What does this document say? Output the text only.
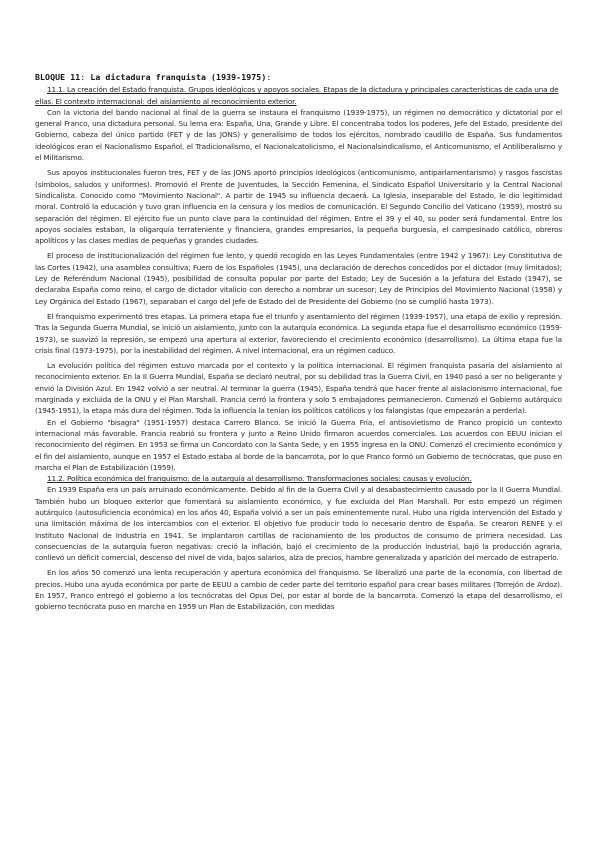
BLOQUE 11: La dictadura franquista (1939-1975):

11.1. La creación del Estado franquista. Grupos ideológicos y apoyos sociales. Etapas de la dictadura y principales características de cada una de ellas. El contexto internacional: del aislamiento al reconocimiento exterior.

Con la victoria del bando nacional al final de la guerra se instaura el franquismo (1939-1975), un régimen no democrático y dictatorial por el general Franco, una dictadura personal. Su lema era: España, Una, Grande y Libre. El concentraba todos los poderes, Jefe del Estado, presidente del Gobierno, cabeza del único partido (FET y de las JONS) y generalísimo de todos los ejércitos, nombrado caudillo de España. Sus fundamentos ideológicos eran el Nacionalismo Español, el Tradicionalismo, el Nacionalcatolicismo, el Nacionalsindicalismo, el Anticomunismo, el Antiliberalismo y el Militarismo.

Sus apoyos institucionales fueron tres, FET y de las JONS aportó principios ideológicos (anticomunismo, antiparlamentarismo) y rasgos fascistas (símbolos, saludos y uniformes). Promovió el Frente de Juventudes, la Sección Femenina, el Sindicato Español Universitario y la Central Nacional Sindicalista. Conocido como "Movimiento Nacional". A partir de 1945 su influencia decaerá. La Iglesia, inseparable del Estado, le dio legitimidad moral. Controló la educación y tuvo gran influencia en la censura y los medios de comunicación. El Segundo Concilio del Vaticano (1959), mostró su separación del régimen. El ejército fue un punto clave para la continuidad del régimen. Entre el 39 y el 40, su poder será fundamental. Entre los apoyos sociales estaban, la oligarquía terrateniente y financiera, grandes empresarios, la pequeña burguesía, el campesinado católico, obreros apolíticos y las clases medias de pequeñas y grandes ciudades.

El proceso de institucionalización del régimen fue lento, y quedó recogido en las Leyes Fundamentales (entre 1942 y 1967): Ley Constitutiva de las Cortes (1942), una asamblea consultiva; Fuero de los Españoles (1945), una declaración de derechos concedidos por el dictador (muy limitados); Ley de Referéndum Nacional (1945), posibilidad de consulta popular por parte del Estado; Ley de Sucesión a la Jefatura del Estado (1947), se declaraba España como reino, el cargo de dictador vitalicio con derecho a nombrar un sucesor; Ley de Principios del Movimiento Nacional (1958) y Ley Orgánica del Estado (1967), separaban el cargo del Jefe de Estado del de Presidente del Gobierno (no se cumplió hasta 1973).

El franquismo experimentó tres etapas. La primera etapa fue el triunfo y asentamiento del régimen (1939-1957), una etapa de exilio y represión. Tras la Segunda Guerra Mundial, se inició un aislamiento, junto con la autarquía económica. La segunda etapa fue el desarrollismo económico (1959-1973), se suavizó la represión, se empezó una apertura al exterior, favoreciendo el crecimiento económico (desarrollismo). La última etapa fue la crisis final (1973-1975), por la inestabilidad del régimen. A nivel internacional, era un régimen caduco.

La evolución política del régimen estuvo marcada por el contexto y la política internacional. El régimen franquista pasaría del aislamiento al reconocimiento exterior. En la II Guerra Mundial, España se declaró neutral, por su debilidad tras la Guerra Civil, en 1940 pasó a ser no beligerante y envió la División Azul. En 1942 volvió a ser neutral. Al terminar la guerra (1945), España tendrá que hacer frente al aislacionismo internacional, fue marginada y excluida de la ONU y el Plan Marshall. Francia cerró la frontera y solo 5 embajadores permanecieron. Comenzó el Gobierno autárquico (1945-1951), la etapa más dura del régimen. Toda la influencia la tenían los políticos católicos y los falangistas (que empezarán a perderla).

En el Gobierno "bisagra" (1951-1957) destaca Carrero Blanco. Se inició la Guerra Fría, el antisovietismo de Franco propició un contexto internacional más favorable. Francia reabrió su frontera y junto a Reino Unido firmaron acuerdos comerciales. Los acuerdos con EEUU inician el reconocimiento del régimen. En 1953 se firma un Concordato con la Santa Sede, y en 1955 ingresa en la ONU. Comenzó el crecimiento económico y el fin del aislamiento, aunque en 1957 el Estado estaba al borde de la bancarrota, por lo que Franco formó un Gobierno de tecnócratas, que puso en marcha el Plan de Estabilización (1959).

11.2. Política económica del franquismo: de la autarquía al desarrollismo. Transformaciones sociales: causas y evolución.

En 1939 España era un país arruinado económicamente. Debido al fin de la Guerra Civil y al desabastecimiento causado por la II Guerra Mundial. También hubo un bloqueo exterior que fomentará su aislamiento económico, y fue excluida del Plan Marshall. Por esto empezó un régimen autárquico (autosuficiencia económica) en los años 40, España volvió a ser un país eminentemente rural. Hubo una rígida intervención del Estado y una limitación máxima de los intercambios con el exterior. El objetivo fue producir todo lo necesario dentro de España. Se crearon RENFE y el Instituto Nacional de Industria en 1941. Se implantaron cartillas de racionamiento de los productos de consumo de primera necesidad. Las consecuencias de la autarquía fueron negativas: creció la inflación, bajó el crecimiento de la producción industrial, bajó la producción agraria, conllevó un déficit comercial, descenso del nivel de vida, bajos salarios, alza de precios, hambre generalizada y aparición del mercado de estraperlo.

En los años 50 comenzó una lenta recuperación y apertura económica del franquismo. Se liberalizó una parte de la economía, con libertad de precios. Hubo una ayuda económica por parte de EEUU a cambio de ceder parte del territorio español para crear bases militares (Torrejón de Ardoz). En 1957, Franco entregó el gobierno a los tecnócratas del Opus Dei, por estar al borde de la bancarrota. Comenzó la etapa del desarrollismo, el gobierno tecnócrata puso en marcha en 1959 un Plan de Estabilización, con medidas
